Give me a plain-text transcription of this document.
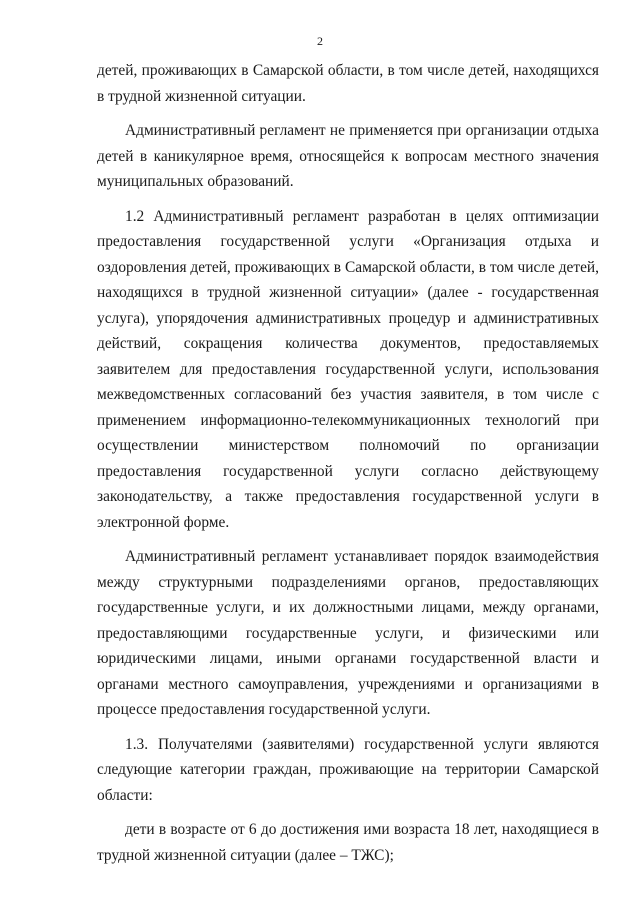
2

детей, проживающих в Самарской области, в том числе детей, находящихся в трудной жизненной ситуации.

Административный регламент не применяется при организации отдыха детей в каникулярное время, относящейся к вопросам местного значения муниципальных образований.

1.2 Административный регламент разработан в целях оптимизации предоставления государственной услуги «Организация отдыха и оздоровления детей, проживающих в Самарской области, в том числе детей, находящихся в трудной жизненной ситуации» (далее - государственная услуга), упорядочения административных процедур и административных действий, сокращения количества документов, предоставляемых заявителем для предоставления государственной услуги, использования межведомственных согласований без участия заявителя, в том числе с применением информационно-телекоммуникационных технологий при осуществлении министерством полномочий по организации предоставления государственной услуги согласно действующему законодательству, а также предоставления государственной услуги в электронной форме.

Административный регламент устанавливает порядок взаимодействия между структурными подразделениями органов, предоставляющих государственные услуги, и их должностными лицами, между органами, предоставляющими государственные услуги, и физическими или юридическими лицами, иными органами государственной власти и органами местного самоуправления, учреждениями и организациями в процессе предоставления государственной услуги.

1.3. Получателями (заявителями) государственной услуги являются следующие категории граждан, проживающие на территории Самарской области:

дети в возрасте от 6 до достижения ими возраста 18 лет, находящиеся в трудной жизненной ситуации (далее – ТЖС);
